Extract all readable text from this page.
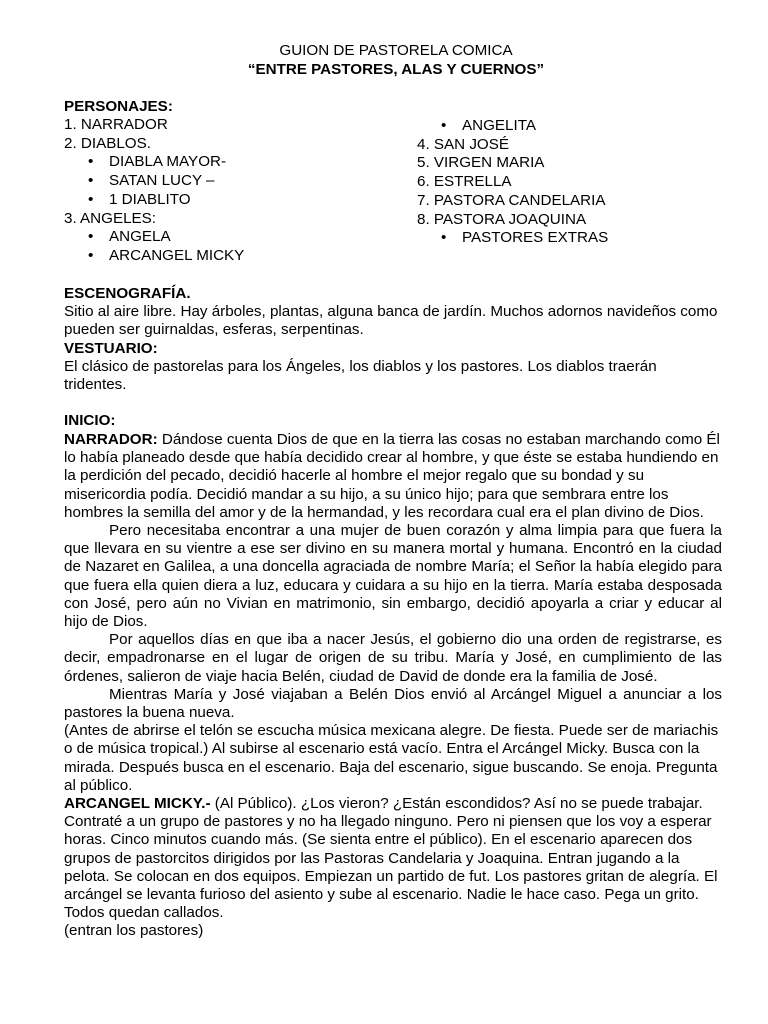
GUION DE PASTORELA COMICA
“ENTRE PASTORES, ALAS Y CUERNOS”
PERSONAJES:
1. NARRADOR
2. DIABLOS.
• DIABLA MAYOR-
• SATAN LUCY –
• 1 DIABLITO
3. ANGELES:
• ANGELA
• ARCANGEL MICKY
• ANGELITA
4. SAN JOSÉ
5. VIRGEN MARIA
6. ESTRELLA
7. PASTORA CANDELARIA
8. PASTORA JOAQUINA
• PASTORES EXTRAS
ESCENOGRAFÍA.

Sitio al aire libre. Hay árboles, plantas, alguna banca de jardín. Muchos adornos navideños como pueden ser guirnaldas, esferas, serpentinas.

VESTUARIO:

El clásico de pastorelas para los Ángeles, los diablos y los pastores. Los diablos traerán tridentes.

INICIO:

NARRADOR: Dándose cuenta Dios de que en la tierra las cosas no estaban marchando como Él lo había planeado desde que había decidido crear al hombre, y que éste se estaba hundiendo en la perdición del pecado, decidió hacerle al hombre el mejor regalo que su bondad y su misericordia podía. Decidió mandar a su hijo, a su único hijo; para que sembrara entre los hombres la semilla del amor y de la hermandad, y les recordara cual era el plan divino de Dios.

Pero necesitaba encontrar a una mujer de buen corazón y alma limpia para que fuera la que llevara en su vientre a ese ser divino en su manera mortal y humana. Encontró en la ciudad de Nazaret en Galilea, a una doncella agraciada de nombre María; el Señor la había elegido para que fuera ella quien diera a luz, educara y cuidara a su hijo en la tierra. María estaba desposada con José, pero aún no Vivian en matrimonio, sin embargo, decidió apoyarla a criar y educar al hijo de Dios.

Por aquellos días en que iba a nacer Jesús, el gobierno dio una orden de registrarse, es decir, empadronarse en el lugar de origen de su tribu. María y José, en cumplimiento de las órdenes, salieron de viaje hacia Belén, ciudad de David de donde era la familia de José.

Mientras María y José viajaban a Belén Dios envió al Arcángel Miguel a anunciar a los pastores la buena nueva.

(Antes de abrirse el telón se escucha música mexicana alegre. De fiesta. Puede ser de mariachis o de música tropical.) Al subirse al escenario está vacío. Entra el Arcángel Micky. Busca con la mirada. Después busca en el escenario. Baja del escenario, sigue buscando. Se enoja. Pregunta al público.

ARCANGEL MICKY.- (Al Público). ¿Los vieron? ¿Están escondidos? Así no se puede trabajar. Contraté a un grupo de pastores y no ha llegado ninguno. Pero ni piensen que los voy a esperar horas. Cinco minutos cuando más. (Se sienta entre el público). En el escenario aparecen dos grupos de pastorcitos dirigidos por las Pastoras Candelaria y Joaquina. Entran jugando a la pelota. Se colocan en dos equipos. Empiezan un partido de fut. Los pastores gritan de alegría. El arcángel se levanta furioso del asiento y sube al escenario. Nadie le hace caso. Pega un grito. Todos quedan callados.

(entran los pastores)
